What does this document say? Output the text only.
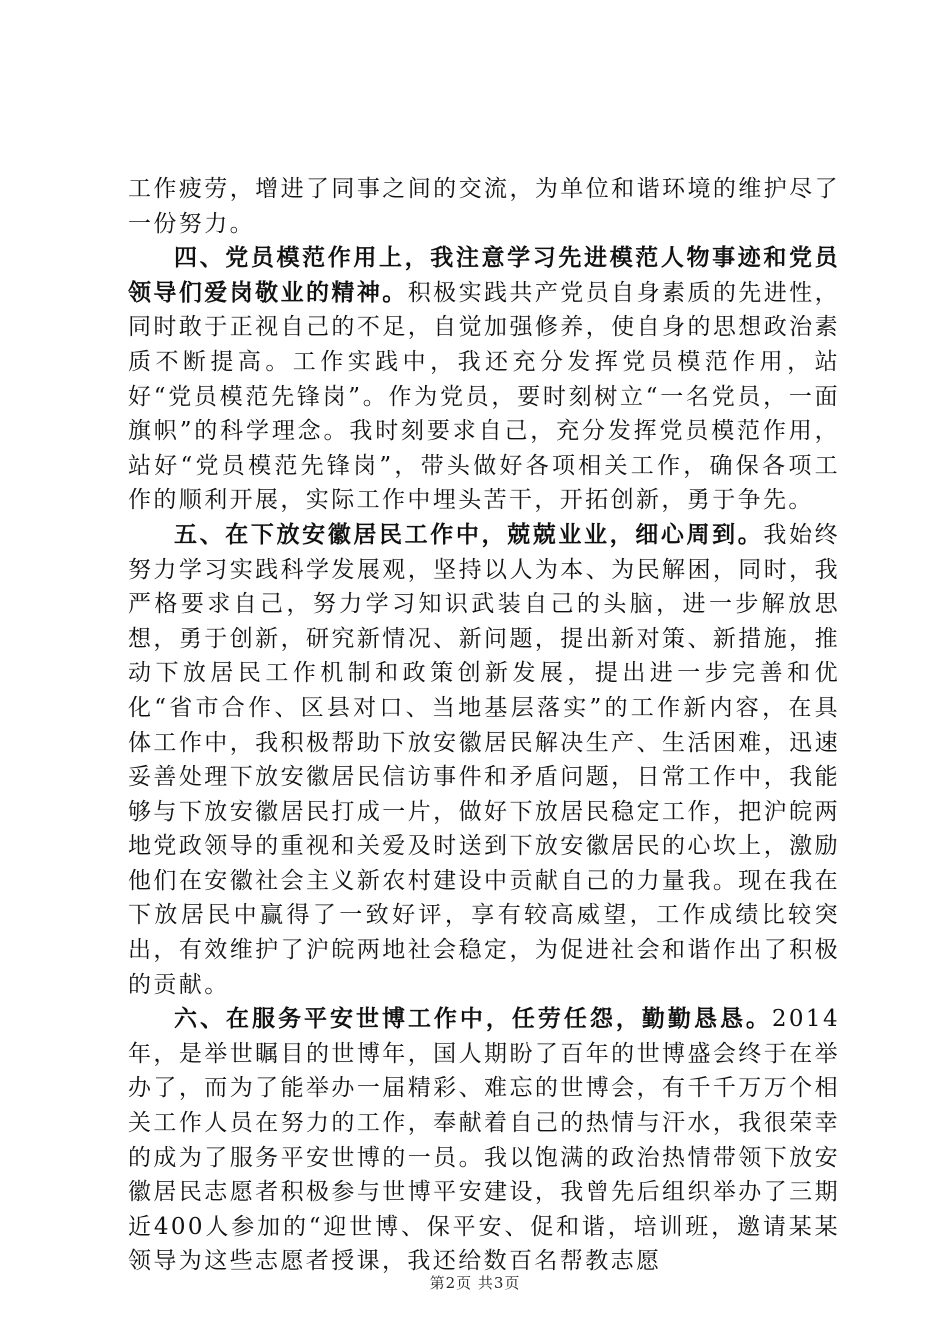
工作疲劳，增进了同事之间的交流，为单位和谐环境的维护尽了一份努力。

四、党员模范作用上，我注意学习先进模范人物事迹和党员领导们爱岗敬业的精神。积极实践共产党员自身素质的先进性，同时敢于正视自己的不足，自觉加强修养，使自身的思想政治素质不断提高。工作实践中，我还充分发挥党员模范作用，站好“党员模范先锋岗”。作为党员，要时刻树立“一名党员，一面旗帜”的科学理念。我时刻要求自己，充分发挥党员模范作用，站好“党员模范先锋岗”，带头做好各项相关工作，确保各项工作的顺利开展，实际工作中埋头苦干，开拓创新，勇于争先。

五、在下放安徽居民工作中，兢兢业业，细心周到。我始终努力学习实践科学发展观，坚持以人为本、为民解困，同时，我严格要求自己，努力学习知识武装自己的头脑，进一步解放思想，勇于创新，研究新情况、新问题，提出新对策、新措施，推动下放居民工作机制和政策创新发展，提出进一步完善和优化“省市合作、区县对口、当地基层落实”的工作新内容，在具体工作中，我积极帮助下放安徽居民解决生产、生活困难，迅速妥善处理下放安徽居民信访事件和矛盾问题，日常工作中，我能够与下放安徽居民打成一片，做好下放居民稳定工作，把沪皖两地党政领导的重视和关爱及时送到下放安徽居民的心坎上，激励他们在安徽社会主义新农村建设中贡献自己的力量我。现在我在下放居民中赢得了一致好评，享有较高威望，工作成绩比较突出，有效维护了沪皖两地社会稳定，为促进社会和谐作出了积极的贡献。

六、在服务平安世博工作中，任劳任怨，勤勤恳恳。2014年，是举世瞩目的世博年，国人期盼了百年的世博盛会终于在举办了，而为了能举办一届精彩、难忘的世博会，有千千万万个相关工作人员在努力的工作，奉献着自己的热情与汗水，我很荣幸的成为了服务平安世博的一员。我以饱满的政治热情带领下放安徽居民志愿者积极参与世博平安建设，我曾先后组织举办了三期近400人参加的“迎世博、保平安、促和谐，培训班，邀请某某领导为这些志愿者授课，我还给数百名帮教志愿

第2页 共3页
